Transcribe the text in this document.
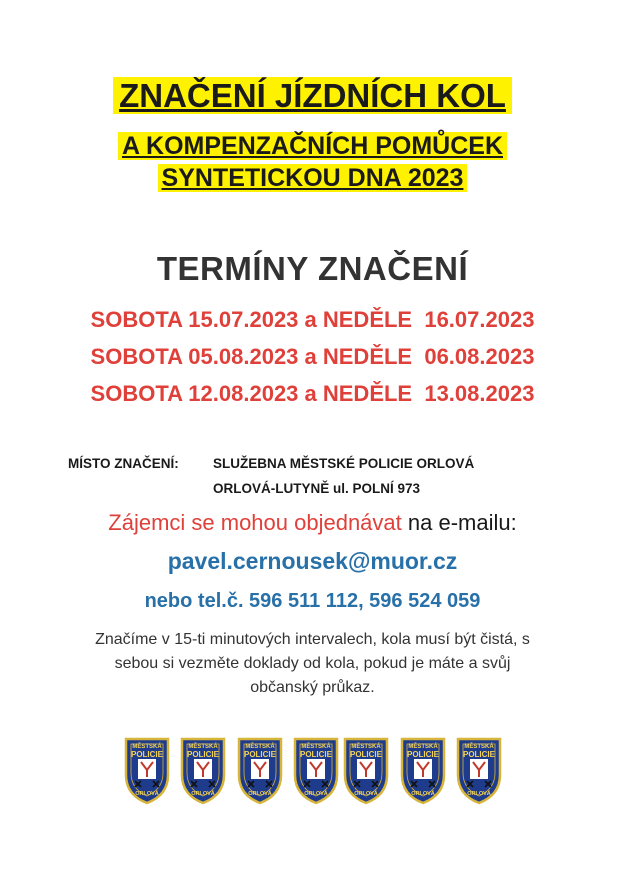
ZNAČENÍ JÍZDNÍCH KOL
A KOMPENZAČNÍCH POMŮCEK
SYNTETICKOU DNA 2023
TERMÍNY ZNAČENÍ
SOBOTA 15.07.2023 a NEDĚLE  16.07.2023
SOBOTA 05.08.2023 a NEDĚLE  06.08.2023
SOBOTA 12.08.2023 a NEDĚLE  13.08.2023
MÍSTO ZNAČENÍ:	SLUŽEBNA MĚSTSKÉ POLICIE ORLOVÁ
ORLOVÁ-LUTYNĚ ul. POLNÍ 973
Zájemci se mohou objednávat na e-mailu:
pavel.cernousek@muor.cz
nebo tel.č. 596 511 112, 596 524 059
Značíme v 15-ti minutových intervalech, kola musí být čistá, s sebou si vezměte doklady od kola, pokud je máte a svůj občanský průkaz.
MĚSTSKÁ
POLICIE
ORLOVÁ
MĚSTSKÁ
POLICIE
ORLOVÁ
MĚSTSKÁ
POLICIE
ORLOVÁ
MĚSTSKÁ
POLICIE
ORLOVÁ
MĚSTSKÁ
POLICIE
ORLOVÁ
MĚSTSKÁ
POLICIE
ORLOVÁ
MĚSTSKÁ
POLICIE
ORLOVÁ
